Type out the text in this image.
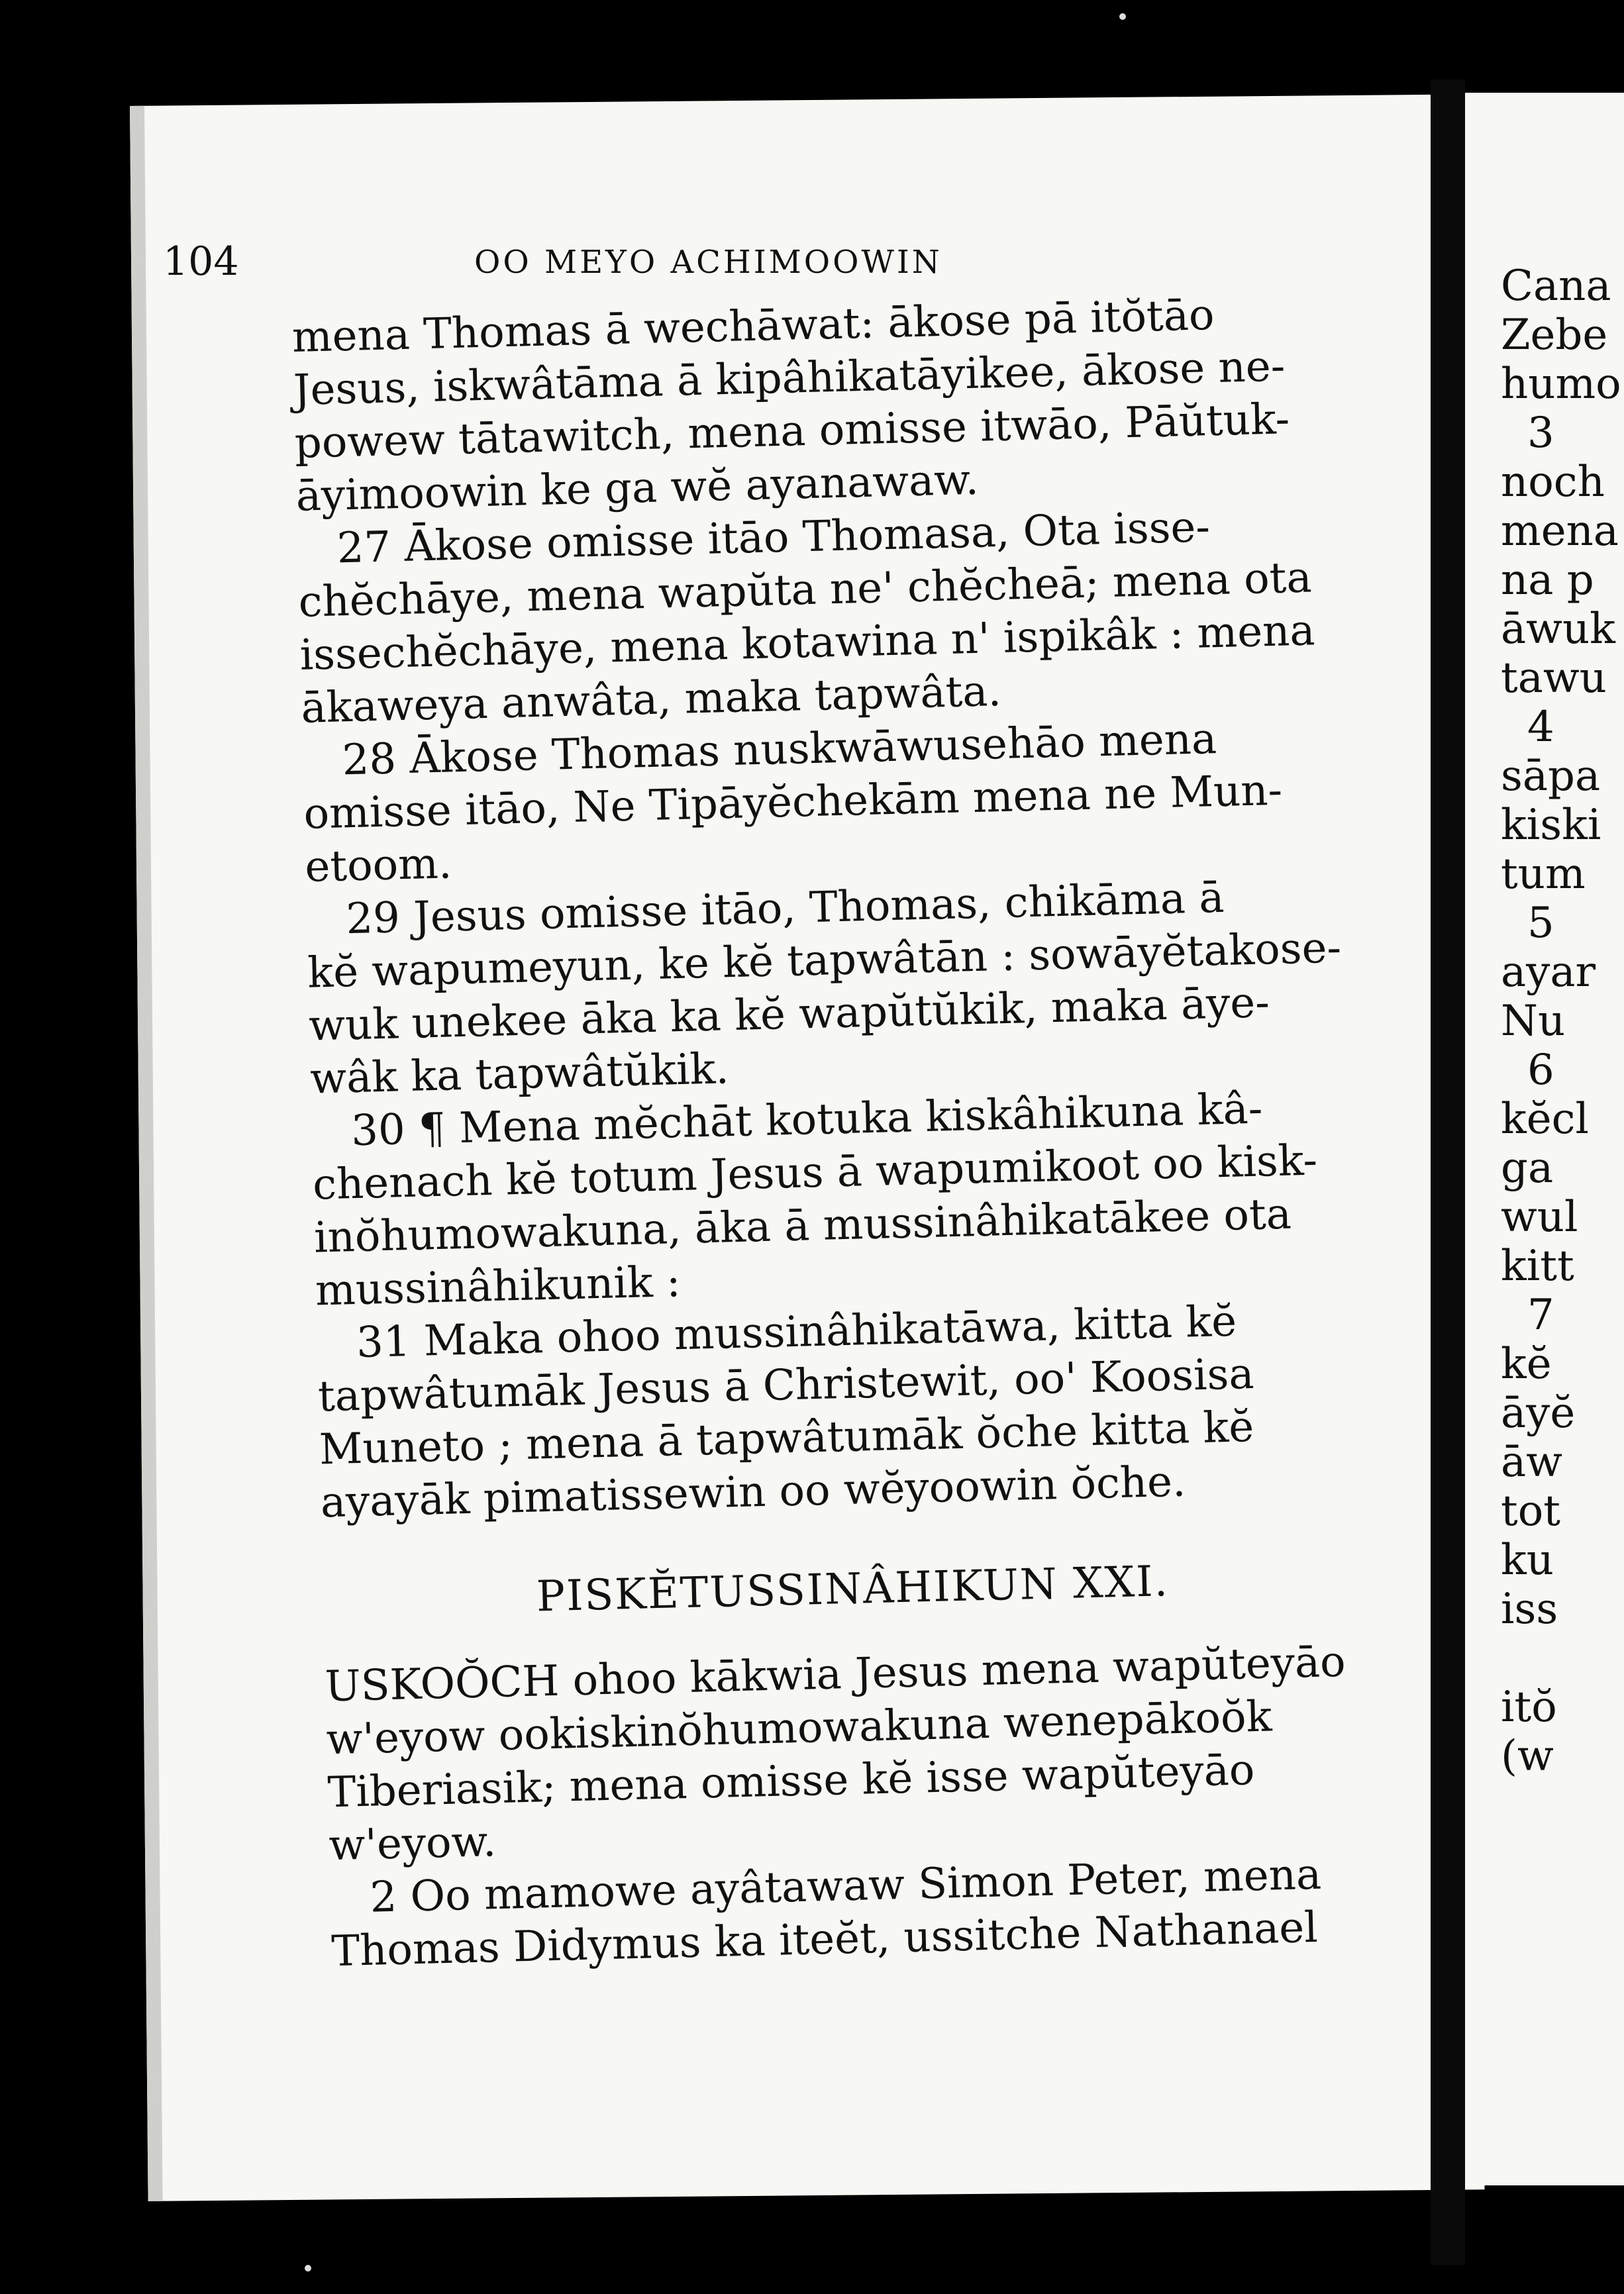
Cana
Zebe
humo
3
noch
mena
na p
āwuk
tawu
4
sāpa
kiski
tum
5
ayar
Nu
6
kĕcl
ga
wul
kitt
7
kĕ
āyĕ
āw
tot
ku
iss
itŏ
(w
104	OO MEYO ACHIMOOWIN
mena Thomas ā wechāwat: ākose pā itŏtāo
Jesus, iskwâtāma ā kipâhikatāyikee, ākose ne-
powew tātawitch, mena omisse itwāo, Pāŭtuk-
āyimoowin ke ga wĕ ayanawaw.
27 Ākose omisse itāo Thomasa, Ota isse-
chĕchāye, mena wapŭta ne' chĕcheā; mena ota
issechĕchāye, mena kotawina n' ispikâk : mena
ākaweya anwâta, maka tapwâta.
28 Ākose Thomas nuskwāwusehāo mena
omisse itāo, Ne Tipāyĕchekām mena ne Mun-
etoom.
29 Jesus omisse itāo, Thomas, chikāma ā
kĕ wapumeyun, ke kĕ tapwâtān : sowāyĕtakose-
wuk unekee āka ka kĕ wapŭtŭkik, maka āye-
wâk ka tapwâtŭkik.
30 ¶ Mena mĕchāt kotuka kiskâhikuna kâ-
chenach kĕ totum Jesus ā wapumikoot oo kisk-
inŏhumowakuna, āka ā mussinâhikatākee ota
mussinâhikunik :
31 Maka ohoo mussinâhikatāwa, kitta kĕ
tapwâtumāk Jesus ā Christewit, oo' Koosisa
Muneto ; mena ā tapwâtumāk ŏche kitta kĕ
ayayāk pimatissewin oo wĕyoowin ŏche.
PISKĔTUSSINÂHIKUN XXI.
USKOŎCH ohoo kākwia Jesus mena wapŭteyāo
w'eyow ookiskinŏhumowakuna wenepākoŏk
Tiberiasik; mena omisse kĕ isse wapŭteyāo
w'eyow.
2 Oo mamowe ayâtawaw Simon Peter, mena
Thomas Didymus ka iteĕt, ussitche Nathanael
